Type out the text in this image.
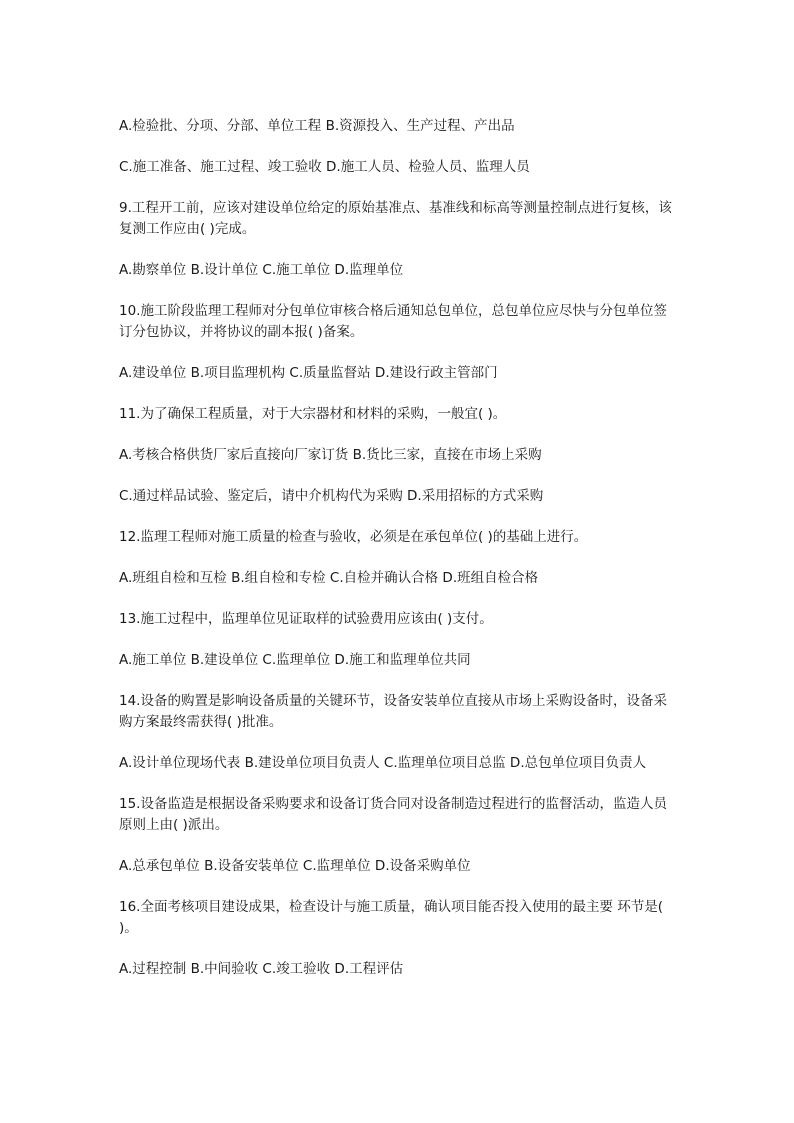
A.检验批、分项、分部、单位工程 B.资源投入、生产过程、产出品

C.施工准备、施工过程、竣工验收 D.施工人员、检验人员、监理人员

9.工程开工前，应该对建设单位给定的原始基准点、基准线和标高等测量控制点进行复核，该复测工作应由( )完成。

A.勘察单位 B.设计单位 C.施工单位 D.监理单位

10.施工阶段监理工程师对分包单位审核合格后通知总包单位，总包单位应尽快与分包单位签订分包协议，并将协议的副本报( )备案。

A.建设单位 B.项目监理机构 C.质量监督站 D.建设行政主管部门

11.为了确保工程质量，对于大宗器材和材料的采购，一般宜( )。

A.考核合格供货厂家后直接向厂家订货 B.货比三家，直接在市场上采购

C.通过样品试验、鉴定后，请中介机构代为采购 D.采用招标的方式采购

12.监理工程师对施工质量的检查与验收，必须是在承包单位( )的基础上进行。

A.班组自检和互检 B.组自检和专检 C.自检并确认合格 D.班组自检合格

13.施工过程中，监理单位见证取样的试验费用应该由( )支付。

A.施工单位 B.建设单位 C.监理单位 D.施工和监理单位共同

14.设备的购置是影响设备质量的关键环节，设备安装单位直接从市场上采购设备时，设备采购方案最终需获得( )批准。

A.设计单位现场代表 B.建设单位项目负责人 C.监理单位项目总监 D.总包单位项目负责人

15.设备监造是根据设备采购要求和设备订货合同对设备制造过程进行的监督活动，监造人员原则上由( )派出。

A.总承包单位 B.设备安装单位 C.监理单位 D.设备采购单位

16.全面考核项目建设成果，检查设计与施工质量，确认项目能否投入使用的最主要 环节是( )。

A.过程控制 B.中间验收 C.竣工验收 D.工程评估
